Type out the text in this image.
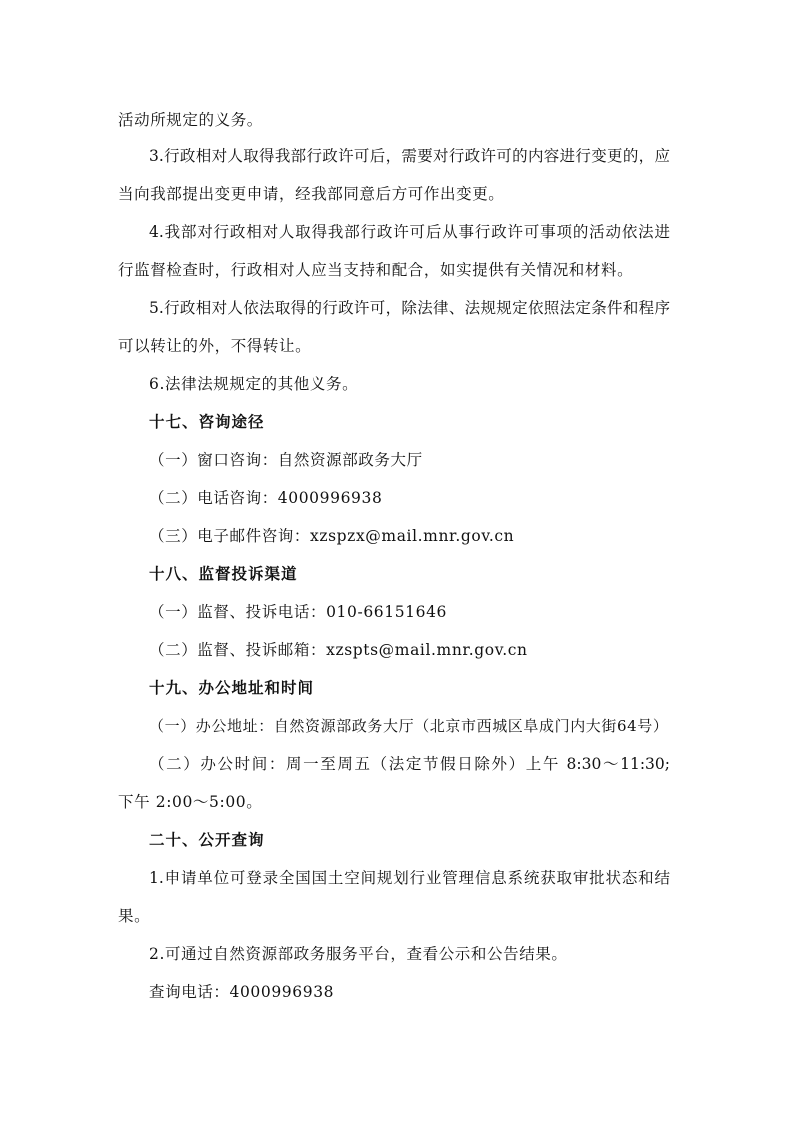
活动所规定的义务。
3.行政相对人取得我部行政许可后，需要对行政许可的内容进行变更的，应
当向我部提出变更申请，经我部同意后方可作出变更。
4.我部对行政相对人取得我部行政许可后从事行政许可事项的活动依法进
行监督检查时，行政相对人应当支持和配合，如实提供有关情况和材料。
5.行政相对人依法取得的行政许可，除法律、法规规定依照法定条件和程序
可以转让的外，不得转让。
6.法律法规规定的其他义务。
十七、咨询途径
（一）窗口咨询：自然资源部政务大厅
（二）电话咨询：4000996938
（三）电子邮件咨询：xzspzx@mail.mnr.gov.cn
十八、监督投诉渠道
（一）监督、投诉电话：010-66151646
（二）监督、投诉邮箱：xzspts@mail.mnr.gov.cn
十九、办公地址和时间
（一）办公地址：自然资源部政务大厅（北京市西城区阜成门内大街64号）
（二）办公时间：周一至周五（法定节假日除外）上午 8:30～11:30;
下午 2:00～5:00。
二十、公开查询
1.申请单位可登录全国国土空间规划行业管理信息系统获取审批状态和结
果。
2.可通过自然资源部政务服务平台，查看公示和公告结果。
查询电话：4000996938
